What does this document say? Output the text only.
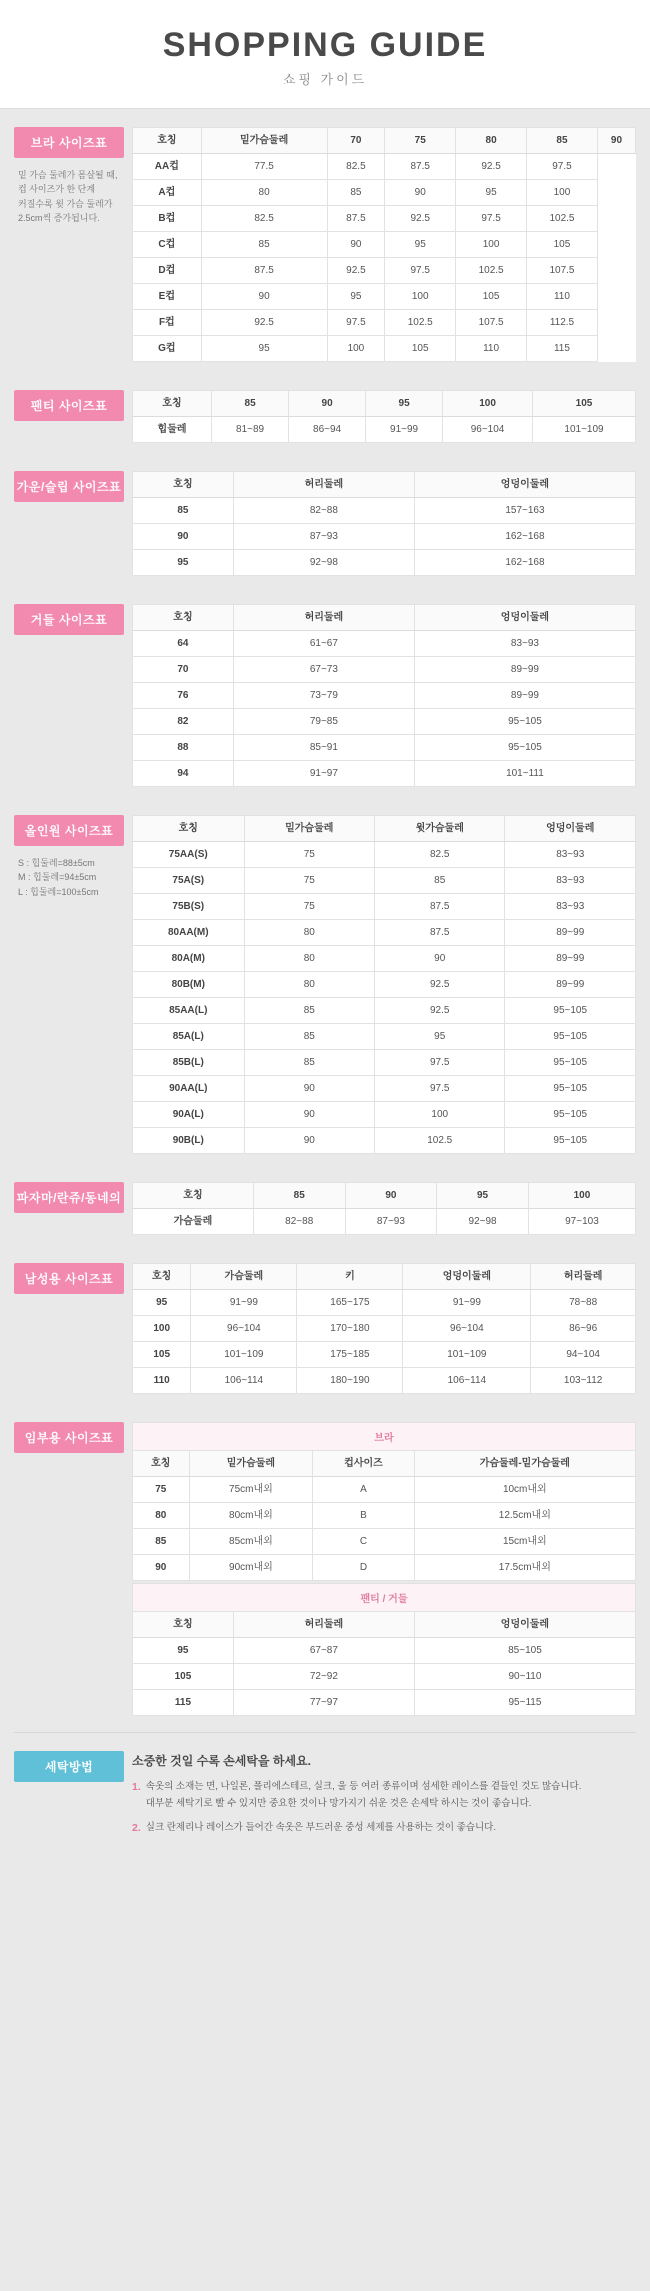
SHOPPING GUIDE
쇼핑 가이드
브라 사이즈표
밑 가슴 둘레가 몸살될 때,
컵 사이즈가 한 단계
커질수록 윗 가슴 둘레가
2.5cm씩 증가됩니다.
호칭	밑가슴둘레	70	75	80	85	90
AA컵	77.5	82.5	87.5	92.5	97.5	
A컵	80	85	90	95	100	
B컵	82.5	87.5	92.5	97.5	102.5	
C컵	85	90	95	100	105	
D컵	87.5	92.5	97.5	102.5	107.5	
E컵	90	95	100	105	110	
F컵	92.5	97.5	102.5	107.5	112.5	
G컵	95	100	105	110	115	
팬티 사이즈표	호칭	85	90	95	100	105
힙둘레	81~89	86~94	91~99	96~104	101~109
가운/슬립 사이즈표	호칭	허리둘레	엉덩이둘레
85	82~88	157~163
90	87~93	162~168
95	92~98	162~168
거들 사이즈표	호칭	허리둘레	엉덩이둘레
64	61~67	83~93
70	67~73	89~99
76	73~79	89~99
82	79~85	95~105
88	85~91	95~105
94	91~97	101~111
올인원 사이즈표
S : 힙둘레=88±5cm
M : 힙둘레=94±5cm
L : 힙둘레=100±5cm
호칭	밑가슴둘레	윗가슴둘레	엉덩이둘레
75AA(S)	75	82.5	83~93
75A(S)	75	85	83~93
75B(S)	75	87.5	83~93
80AA(M)	80	87.5	89~99
80A(M)	80	90	89~99
80B(M)	80	92.5	89~99
85AA(L)	85	92.5	95~105
85A(L)	85	95	95~105
85B(L)	85	97.5	95~105
90AA(L)	90	97.5	95~105
90A(L)	90	100	95~105
90B(L)	90	102.5	95~105
파자마/란쥬/동네의	호칭	85	90	95	100
가슴둘레	82~88	87~93	92~98	97~103
남성용 사이즈표	호칭	가슴둘레	키	엉덩이둘레	허리둘레
95	91~99	165~175	91~99	78~88
100	96~104	170~180	96~104	86~96
105	101~109	175~185	101~109	94~104
110	106~114	180~190	106~114	103~112
임부용 사이즈표	브라
호칭	밑가슴둘레	컵사이즈	가슴둘레-밑가슴둘레
75	75cm내외	A	10cm내외
80	80cm내외	B	12.5cm내외
85	85cm내외	C	15cm내외
90	90cm내외	D	17.5cm내외
팬티 / 거들
호칭	허리둘레	엉덩이둘레
95	67~87	85~105
105	72~92	90~110
115	77~97	95~115
세탁방법	소중한 것일 수록 손세탁을 하세요.
1. 속옷의 소재는 면, 나일론, 폴리에스테르, 실크, 울 등 여러 종류이며 섬세한 레이스를 곁들인 것도 많습니다.
대부분 세탁기로 빨 수 있지만 중요한 것이나 망가지기 쉬운 것은 손세탁 하시는 것이 좋습니다.
2. 실크 란제리나 레이스가 들어간 속옷은 부드러운 중성 세제를 사용하는 것이 좋습니다.
